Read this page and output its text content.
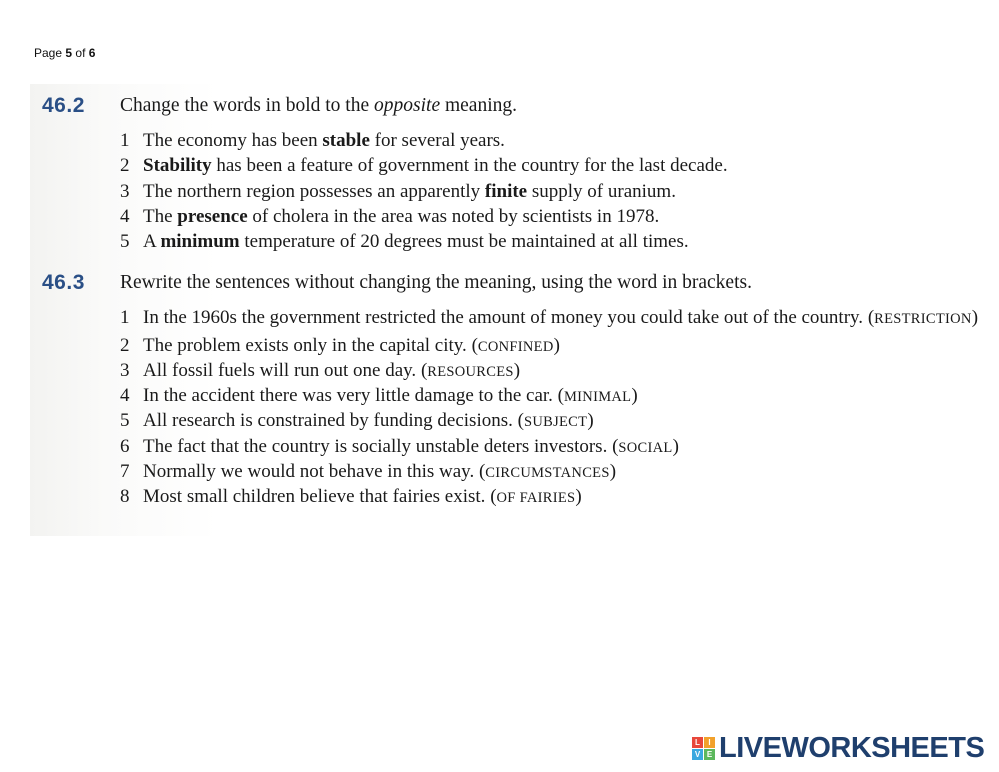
Page 5 of 6
46.2 Change the words in bold to the opposite meaning.
1 The economy has been stable for several years.
2 Stability has been a feature of government in the country for the last decade.
3 The northern region possesses an apparently finite supply of uranium.
4 The presence of cholera in the area was noted by scientists in 1978.
5 A minimum temperature of 20 degrees must be maintained at all times.
46.3 Rewrite the sentences without changing the meaning, using the word in brackets.
1 In the 1960s the government restricted the amount of money you could take out of the country. (RESTRICTION)
2 The problem exists only in the capital city. (CONFINED)
3 All fossil fuels will run out one day. (RESOURCES)
4 In the accident there was very little damage to the car. (MINIMAL)
5 All research is constrained by funding decisions. (SUBJECT)
6 The fact that the country is socially unstable deters investors. (SOCIAL)
7 Normally we would not behave in this way. (CIRCUMSTANCES)
8 Most small children believe that fairies exist. (OF FAIRIES)
L	I
V E LIVEWORKSHEETS
